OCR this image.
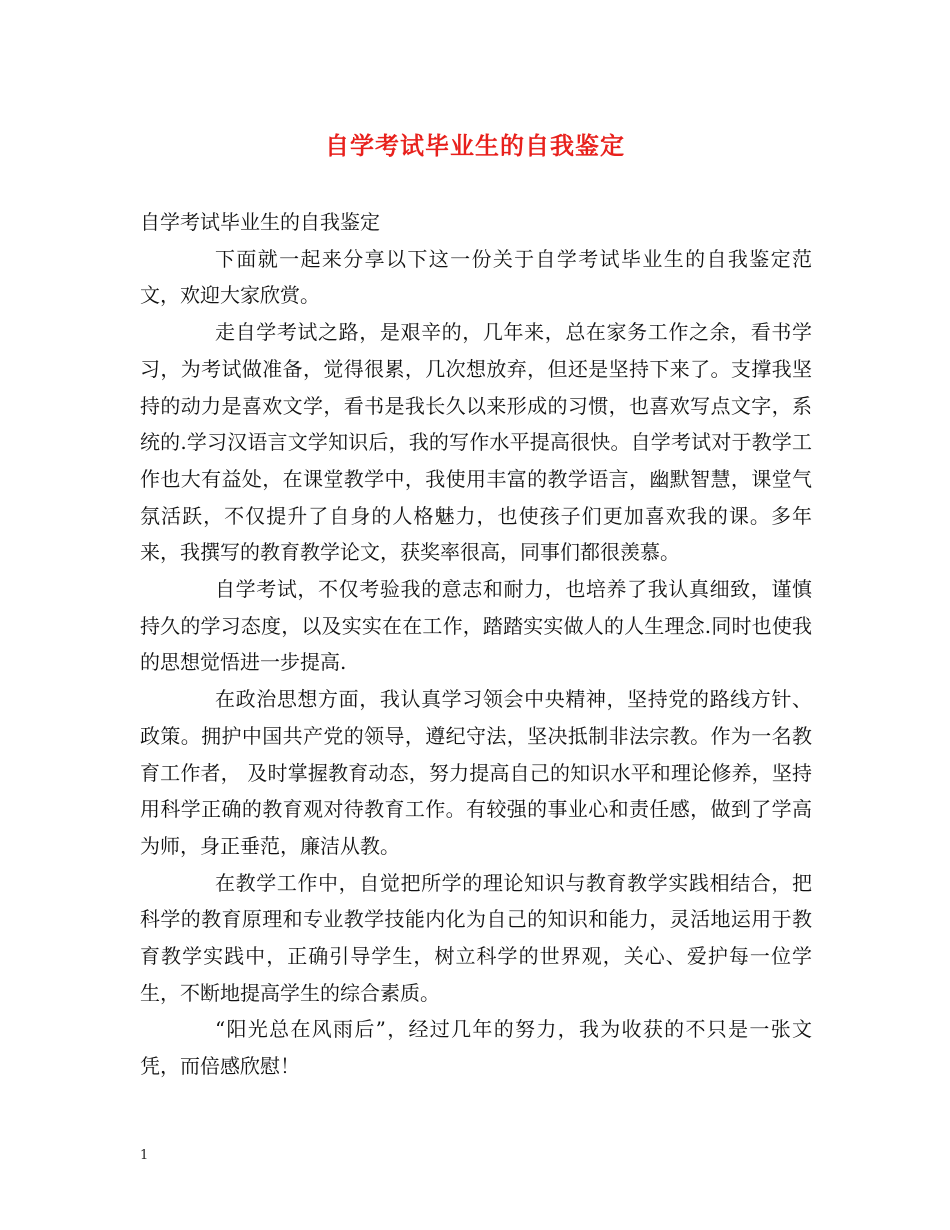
自学考试毕业生的自我鉴定

自学考试毕业生的自我鉴定

下面就一起来分享以下这一份关于自学考试毕业生的自我鉴定范文，欢迎大家欣赏。

走自学考试之路，是艰辛的，几年来，总在家务工作之余，看书学习，为考试做准备，觉得很累，几次想放弃，但还是坚持下来了。支撑我坚持的动力是喜欢文学，看书是我长久以来形成的习惯，也喜欢写点文字，系统的.学习汉语言文学知识后，我的写作水平提高很快。自学考试对于教学工作也大有益处，在课堂教学中，我使用丰富的教学语言，幽默智慧，课堂气氛活跃，不仅提升了自身的人格魅力，也使孩子们更加喜欢我的课。多年来，我撰写的教育教学论文，获奖率很高，同事们都很羡慕。

自学考试，不仅考验我的意志和耐力，也培养了我认真细致，谨慎持久的学习态度，以及实实在在工作，踏踏实实做人的人生理念.同时也使我的思想觉悟进一步提高.

在政治思想方面，我认真学习领会中央精神，坚持党的路线方针、政策。拥护中国共产党的领导，遵纪守法，坚决抵制非法宗教。作为一名教育工作者， 及时掌握教育动态，努力提高自己的知识水平和理论修养，坚持用科学正确的教育观对待教育工作。有较强的事业心和责任感，做到了学高为师，身正垂范，廉洁从教。

在教学工作中，自觉把所学的理论知识与教育教学实践相结合，把科学的教育原理和专业教学技能内化为自己的知识和能力，灵活地运用于教育教学实践中，正确引导学生，树立科学的世界观，关心、爱护每一位学生，不断地提高学生的综合素质。

“阳光总在风雨后”，经过几年的努力，我为收获的不只是一张文凭，而倍感欣慰！

1
